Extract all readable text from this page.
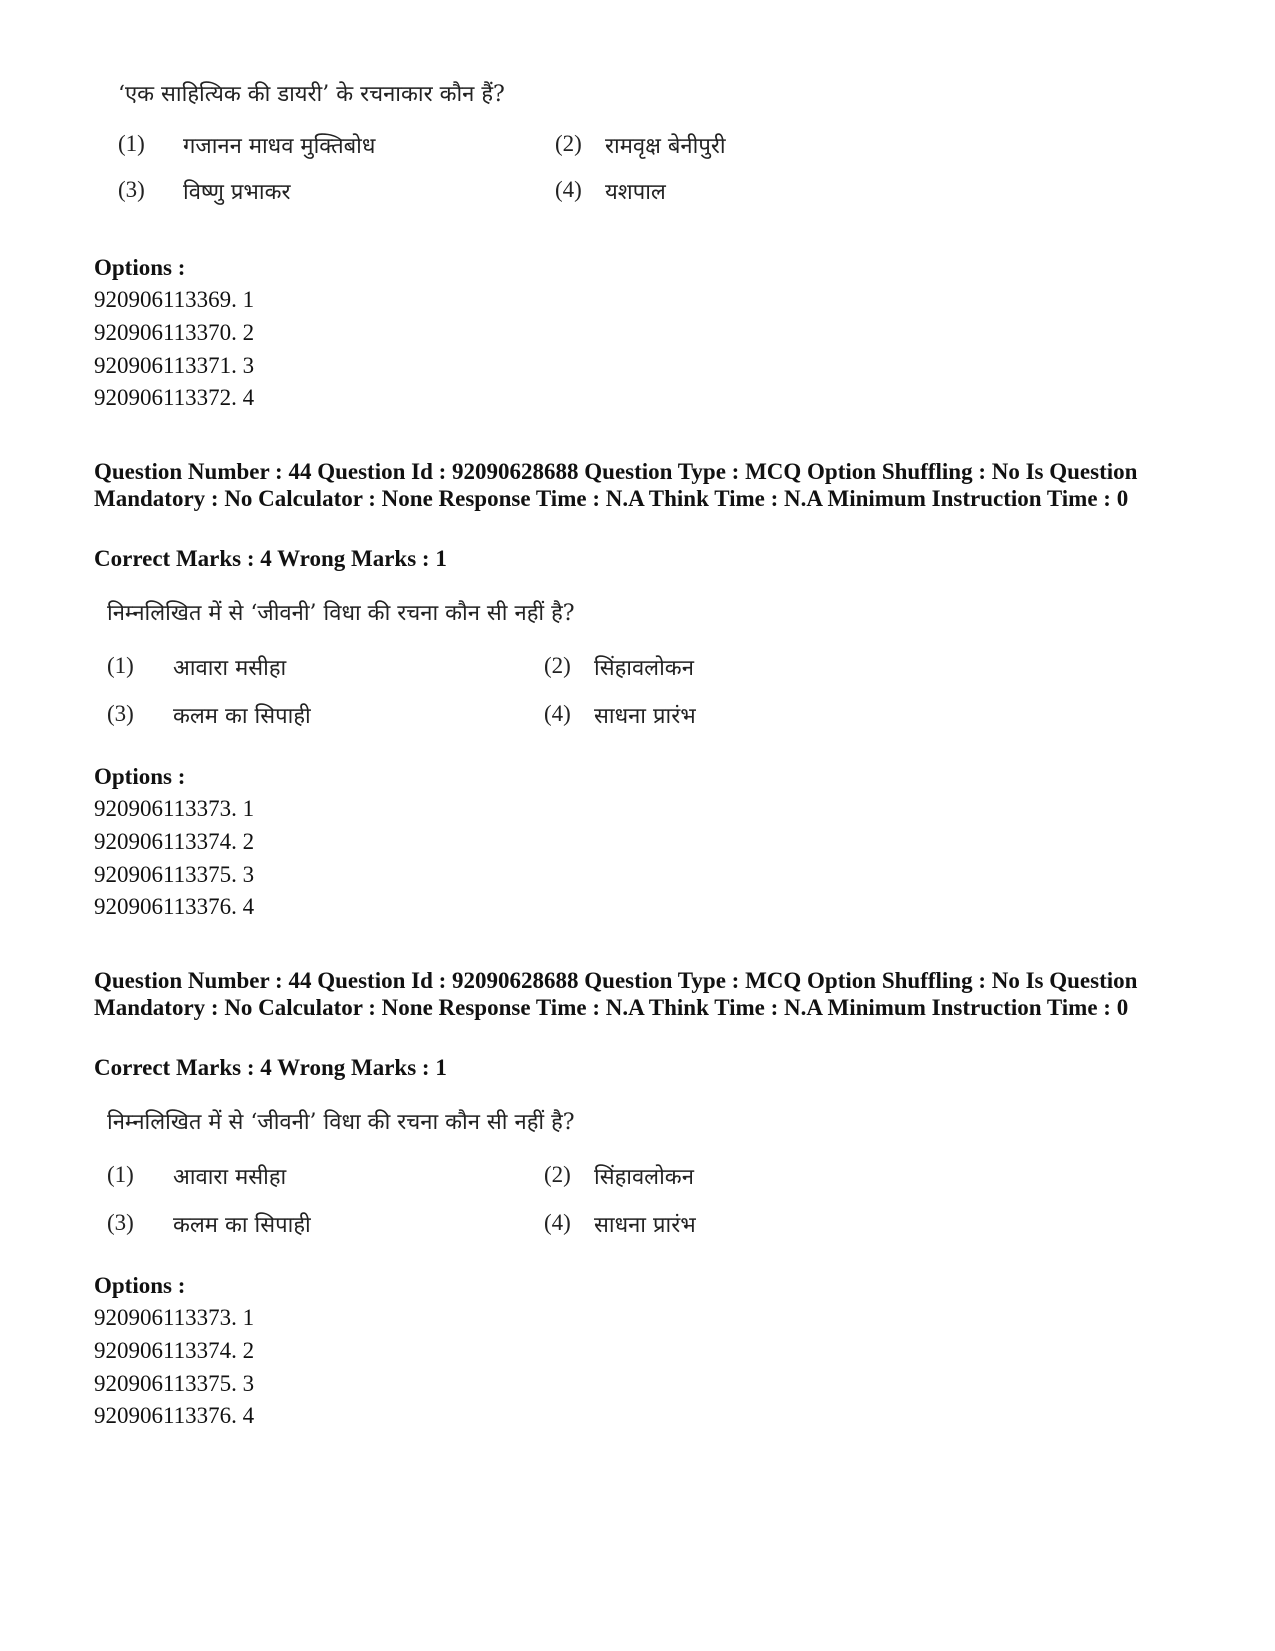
‘एक साहित्यिक की डायरी’ के रचनाकार कौन हैं?
(1) गजानन माधव मुक्तिबोध	(2) रामवृक्ष बेनीपुरी
(3) विष्णु प्रभाकर	(4) यशपाल
Options :
920906113369. 1
920906113370. 2
920906113371. 3
920906113372. 4
Question Number : 44 Question Id : 92090628688 Question Type : MCQ Option Shuffling : No Is Question Mandatory : No Calculator : None Response Time : N.A Think Time : N.A Minimum Instruction Time : 0
Correct Marks : 4 Wrong Marks : 1
निम्नलिखित में से ‘जीवनी’ विधा की रचना कौन सी नहीं है?
(1) आवारा मसीहा	(2) सिंहावलोकन
(3) कलम का सिपाही	(4) साधना प्रारंभ
Options :
920906113373. 1
920906113374. 2
920906113375. 3
920906113376. 4
Question Number : 44 Question Id : 92090628688 Question Type : MCQ Option Shuffling : No Is Question Mandatory : No Calculator : None Response Time : N.A Think Time : N.A Minimum Instruction Time : 0
Correct Marks : 4 Wrong Marks : 1
निम्नलिखित में से ‘जीवनी’ विधा की रचना कौन सी नहीं है?
(1) आवारा मसीहा	(2) सिंहावलोकन
(3) कलम का सिपाही	(4) साधना प्रारंभ
Options :
920906113373. 1
920906113374. 2
920906113375. 3
920906113376. 4
